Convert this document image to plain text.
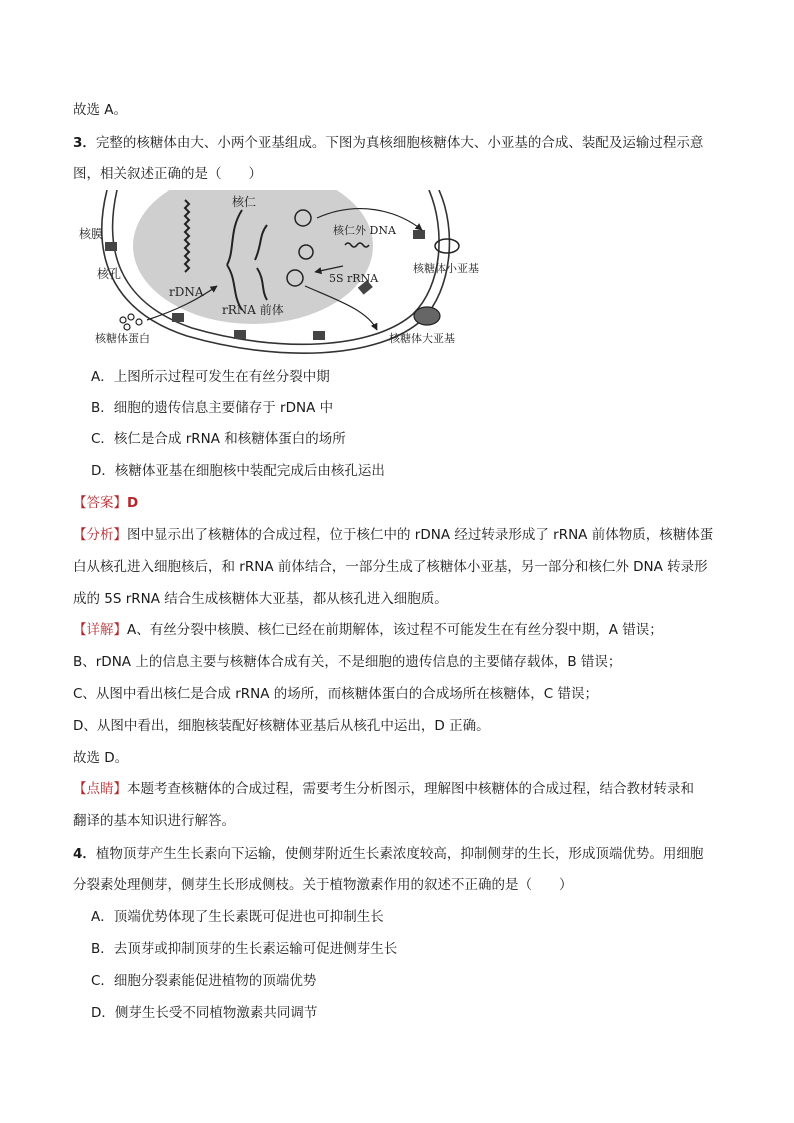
故选 A。
3．完整的核糖体由大、小两个亚基组成。下图为真核细胞核糖体大、小亚基的合成、装配及运输过程示意
图，相关叙述正确的是（　　）
核仁
核膜
核孔
rDNA
rRNA 前体
核仁外 DNA
5S rRNA
核糖体小亚基
核糖体大亚基
核糖体蛋白
A．上图所示过程可发生在有丝分裂中期
B．细胞的遗传信息主要储存于 rDNA 中
C．核仁是合成 rRNA 和核糖体蛋白的场所
D．核糖体亚基在细胞核中装配完成后由核孔运出
【答案】D
【分析】图中显示出了核糖体的合成过程，位于核仁中的 rDNA 经过转录形成了 rRNA 前体物质，核糖体蛋
白从核孔进入细胞核后，和 rRNA 前体结合，一部分生成了核糖体小亚基，另一部分和核仁外 DNA 转录形
成的 5S rRNA 结合生成核糖体大亚基，都从核孔进入细胞质。
【详解】A、有丝分裂中核膜、核仁已经在前期解体，该过程不可能发生在有丝分裂中期，A 错误；
B、rDNA 上的信息主要与核糖体合成有关，不是细胞的遗传信息的主要储存载体，B 错误；
C、从图中看出核仁是合成 rRNA 的场所，而核糖体蛋白的合成场所在核糖体，C 错误；
D、从图中看出，细胞核装配好核糖体亚基后从核孔中运出，D 正确。
故选 D。
【点睛】本题考查核糖体的合成过程，需要考生分析图示，理解图中核糖体的合成过程，结合教材转录和
翻译的基本知识进行解答。
4．植物顶芽产生生长素向下运输，使侧芽附近生长素浓度较高，抑制侧芽的生长，形成顶端优势。用细胞
分裂素处理侧芽，侧芽生长形成侧枝。关于植物激素作用的叙述不正确的是（　　）
A．顶端优势体现了生长素既可促进也可抑制生长
B．去顶芽或抑制顶芽的生长素运输可促进侧芽生长
C．细胞分裂素能促进植物的顶端优势
D．侧芽生长受不同植物激素共同调节
